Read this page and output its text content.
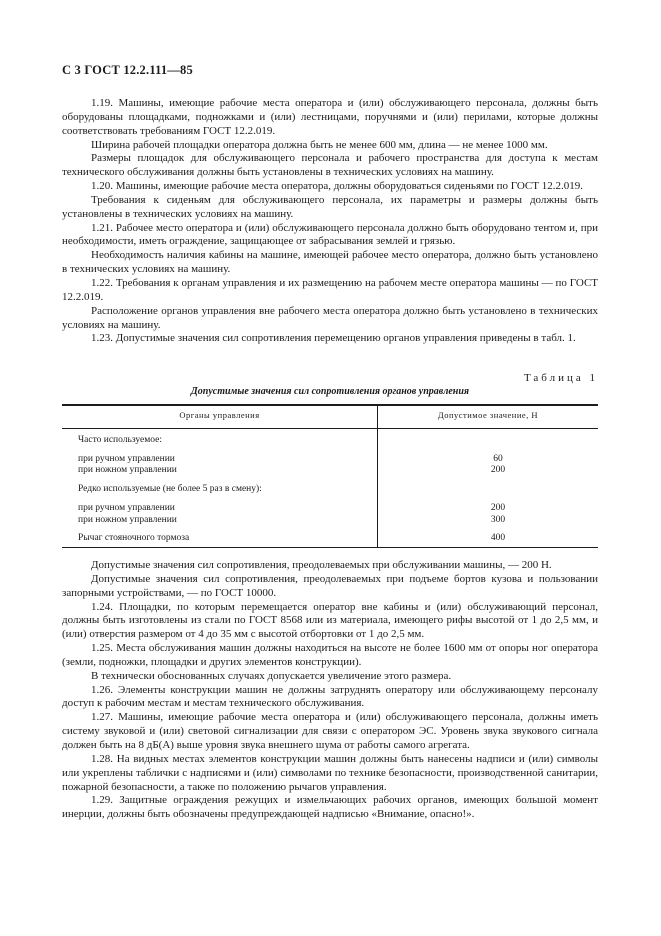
С 3 ГОСТ 12.2.111—85

1.19. Машины, имеющие рабочие места оператора и (или) обслуживающего персонала, должны быть оборудованы площадками, подножками и (или) лестницами, поручнями и (или) перилами, которые должны соответствовать требованиям ГОСТ 12.2.019.

Ширина рабочей площадки оператора должна быть не менее 600 мм, длина — не менее 1000 мм.

Размеры площадок для обслуживающего персонала и рабочего пространства для доступа к местам технического обслуживания должны быть установлены в технических условиях на машину.

1.20. Машины, имеющие рабочие места оператора, должны оборудоваться сиденьями по ГОСТ 12.2.019.

Требования к сиденьям для обслуживающего персонала, их параметры и размеры должны быть установлены в технических условиях на машину.

1.21. Рабочее место оператора и (или) обслуживающего персонала должно быть оборудовано тентом и, при необходимости, иметь ограждение, защищающее от забрасывания землей и грязью.

Необходимость наличия кабины на машине, имеющей рабочее место оператора, должно быть установлено в технических условиях на машину.

1.22. Требования к органам управления и их размещению на рабочем месте оператора машины — по ГОСТ 12.2.019.

Расположение органов управления вне рабочего места оператора должно быть установлено в технических условиях на машину.

1.23. Допустимые значения сил сопротивления перемещению органов управления приведены в табл. 1.

Таблица 1
Допустимые значения сил сопротивления органов управления
Органы управления	Допустимое значение, Н
Часто используемое:
при ручном управлении	60
при ножном управлении	200
Редко используемые (не более 5 раз в смену):
при ручном управлении	200
при ножном управлении	300
Рычаг стояночного тормоза	400

Допустимые значения сил сопротивления, преодолеваемых при обслуживании машины, — 200 Н.

Допустимые значения сил сопротивления, преодолеваемых при подъеме бортов кузова и пользовании запорными устройствами, — по ГОСТ 10000.

1.24. Площадки, по которым перемещается оператор вне кабины и (или) обслуживающий персонал, должны быть изготовлены из стали по ГОСТ 8568 или из материала, имеющего рифы высотой от 1 до 2,5 мм, и (или) отверстия размером от 4 до 35 мм с высотой отбортовки от 1 до 2,5 мм.

1.25. Места обслуживания машин должны находиться на высоте не более 1600 мм от опоры ног оператора (земли, подножки, площадки и других элементов конструкции).

В технически обоснованных случаях допускается увеличение этого размера.

1.26. Элементы конструкции машин не должны затруднять оператору или обслуживающему персоналу доступ к рабочим местам и местам технического обслуживания.

1.27. Машины, имеющие рабочие места оператора и (или) обслуживающего персонала, должны иметь систему звуковой и (или) световой сигнализации для связи с оператором ЭС. Уровень звука звукового сигнала должен быть на 8 дБ(А) выше уровня звука внешнего шума от работы самого агрегата.

1.28. На видных местах элементов конструкции машин должны быть нанесены надписи и (или) символы или укреплены таблички с надписями и (или) символами по технике безопасности, производственной санитарии, пожарной безопасности, а также по положению рычагов управления.

1.29. Защитные ограждения режущих и измельчающих рабочих органов, имеющих большой момент инерции, должны быть обозначены предупреждающей надписью «Внимание, опасно!».
